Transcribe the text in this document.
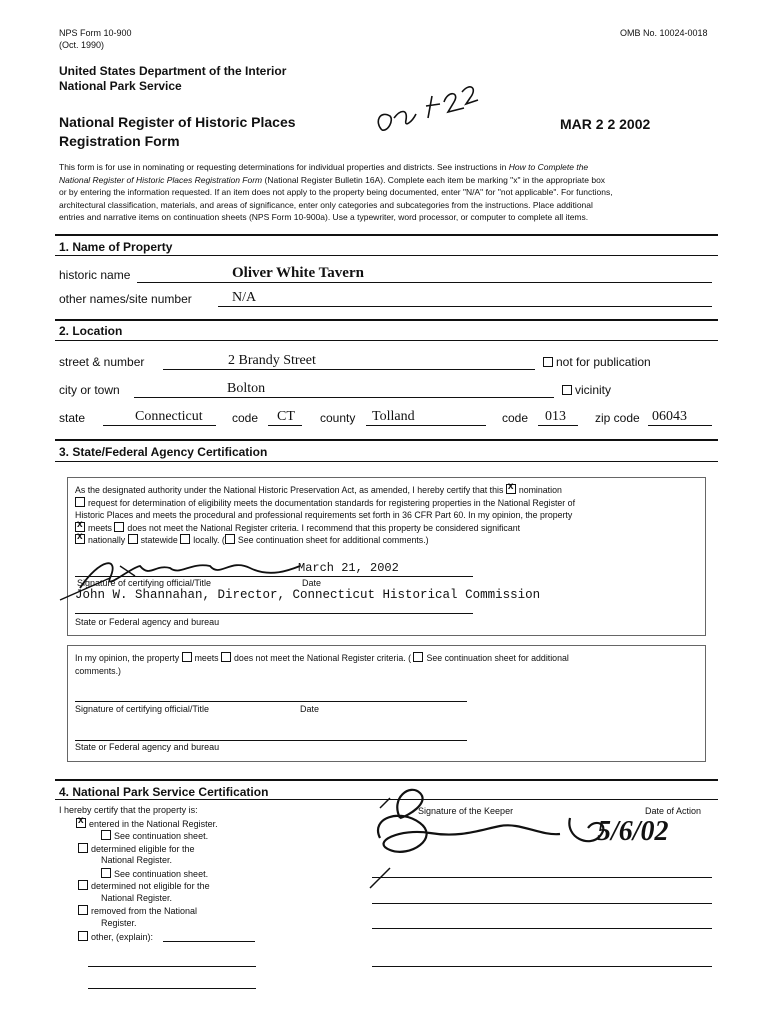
NPS Form 10-900
(Oct. 1990)
OMB No. 10024-0018
United States Department of the Interior
National Park Service
National Register of Historic Places
Registration Form
MAR 2 2 2002
This form is for use in nominating or requesting determinations for individual properties and districts. See instructions in How to Complete the
National Register of Historic Places Registration Form (National Register Bulletin 16A). Complete each item be marking "x" in the appropriate box
or by entering the information requested. If an item does not apply to the property being documented, enter "N/A" for "not applicable". For functions,
architectural classification, materials, and areas of significance, enter only categories and subcategories from the instructions. Place additional
entries and narrative items on continuation sheets (NPS Form 10-900a). Use a typewriter, word processor, or computer to complete all items.
1. Name of Property
historic name	Oliver White Tavern
other names/site number	N/A
2. Location
street & number	2 Brandy Street	not for publication
city or town	Bolton	vicinity
state	Connecticut code CT county Tolland	code 013 zip code 06043
3. State/Federal Agency Certification
As the designated authority under the National Historic Preservation Act, as amended, I hereby certify that this x nomination
request for determination of eligibility meets the documentation standards for registering properties in the National Register of
Historic Places and meets the procedural and professional requirements set forth in 36 CFR Part 60. In my opinion, the property
xmeets does not meet the National Register criteria. I recommend that this property be considered significant
xnationally statewide locally. ( See continuation sheet for additional comments.)
March 21, 2002
Signature of certifying official/Title	Date
John W. Shannahan, Director, Connecticut Historical Commission
State or Federal agency and bureau
In my opinion, the property meets does not meet the National Register criteria. ( See continuation sheet for additional
comments.)
Signature of certifying official/Title	Date
State or Federal agency and bureau
4. National Park Service Certification
I hereby certify that the property is:
xentered in the National Register.
See continuation sheet.
determined eligible for the
National Register.
See continuation sheet.
determined not eligible for the
National Register.
removed from the National
Register.
other, (explain):
Signature of the Keeper	Date of Action
5/6/02
